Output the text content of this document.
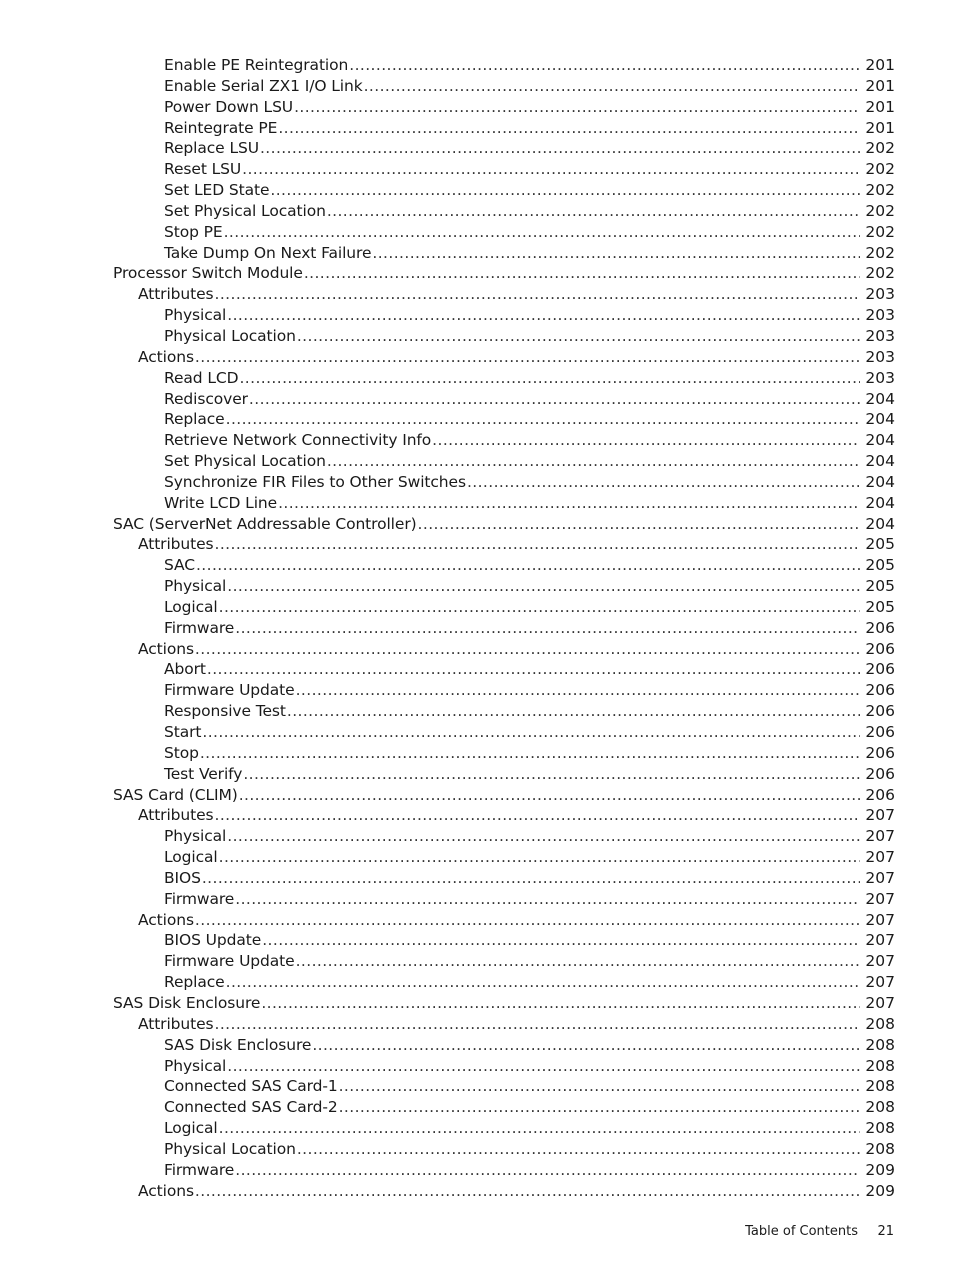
Enable PE Reintegration .....	201
Enable Serial ZX1 I/O Link .....	201
Power Down LSU .....	201
Reintegrate PE .....	201
Replace LSU .....	202
Reset LSU .....	202
Set LED State .....	202
Set Physical Location .....	202
Stop PE .....	202
Take Dump On Next Failure .....	202
Processor Switch Module .....	202
Attributes .....	203
Physical .....	203
Physical Location .....	203
Actions .....	203
Read LCD .....	203
Rediscover .....	204
Replace .....	204
Retrieve Network Connectivity Info .....	204
Set Physical Location .....	204
Synchronize FIR Files to Other Switches .....	204
Write LCD Line .....	204
SAC (ServerNet Addressable Controller) .....	204
Attributes .....	205
SAC .....	205
Physical .....	205
Logical .....	205
Firmware .....	206
Actions .....	206
Abort .....	206
Firmware Update .....	206
Responsive Test .....	206
Start .....	206
Stop .....	206
Test Verify .....	206
SAS Card (CLIM) .....	206
Attributes .....	207
Physical .....	207
Logical .....	207
BIOS .....	207
Firmware .....	207
Actions .....	207
BIOS Update .....	207
Firmware Update .....	207
Replace .....	207
SAS Disk Enclosure .....	207
Attributes .....	208
SAS Disk Enclosure .....	208
Physical .....	208
Connected SAS Card-1 .....	208
Connected SAS Card-2 .....	208
Logical .....	208
Physical Location .....	208
Firmware .....	209
Actions .....	209
Table of Contents 21
